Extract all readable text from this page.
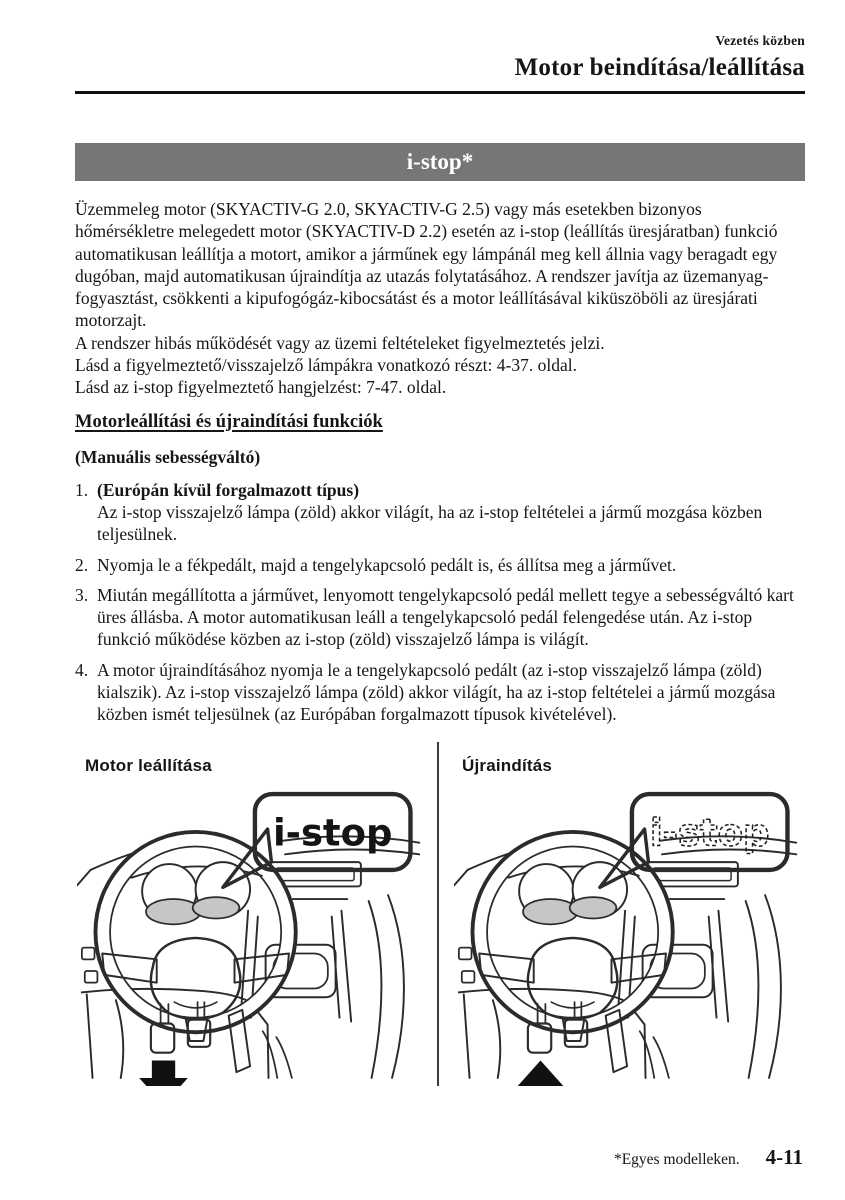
Vezetés közben
Motor beindítása/leállítása
i-stop*

Üzemmeleg motor (SKYACTIV-G 2.0, SKYACTIV-G 2.5) vagy más esetekben bizonyos hőmérsékletre melegedett motor (SKYACTIV-D 2.2) esetén az i-stop (leállítás üresjáratban) funkció automatikusan leállítja a motort, amikor a járműnek egy lámpánál meg kell állnia vagy beragadt egy dugóban, majd automatikusan újraindítja az utazás folytatásához. A rendszer javítja az üzemanyag-fogyasztást, csökkenti a kipufogógáz-kibocsátást és a motor leállításával kiküszöböli az üresjárati motorzajt.

A rendszer hibás működését vagy az üzemi feltételeket figyelmeztetés jelzi.

Lásd a figyelmeztető/visszajelző lámpákra vonatkozó részt: 4-37. oldal.

Lásd az i-stop figyelmeztető hangjelzést: 7-47. oldal.

Motorleállítási és újraindítási funkciók
(Manuális sebességváltó)
1. (Európán kívül forgalmazott típus)
Az i-stop visszajelző lámpa (zöld) akkor világít, ha az i-stop feltételei a jármű mozgása közben teljesülnek.
2. Nyomja le a fékpedált, majd a tengelykapcsoló pedált is, és állítsa meg a járművet.
3. Miután megállította a járművet, lenyomott tengelykapcsoló pedál mellett tegye a sebességváltó kart üres állásba. A motor automatikusan leáll a tengelykapcsoló pedál felengedése után. Az i-stop funkció működése közben az i-stop (zöld) visszajelző lámpa is világít.
4. A motor újraindításához nyomja le a tengelykapcsoló pedált (az i-stop visszajelző lámpa (zöld) kialszik). Az i-stop visszajelző lámpa (zöld) akkor világít, ha az i-stop feltételei a jármű mozgása közben ismét teljesülnek (az Európában forgalmazott típusok kivételével).
Motor leállítása
i-stop
Újraindítás
i-stop
*Egyes modelleken. 4-11
